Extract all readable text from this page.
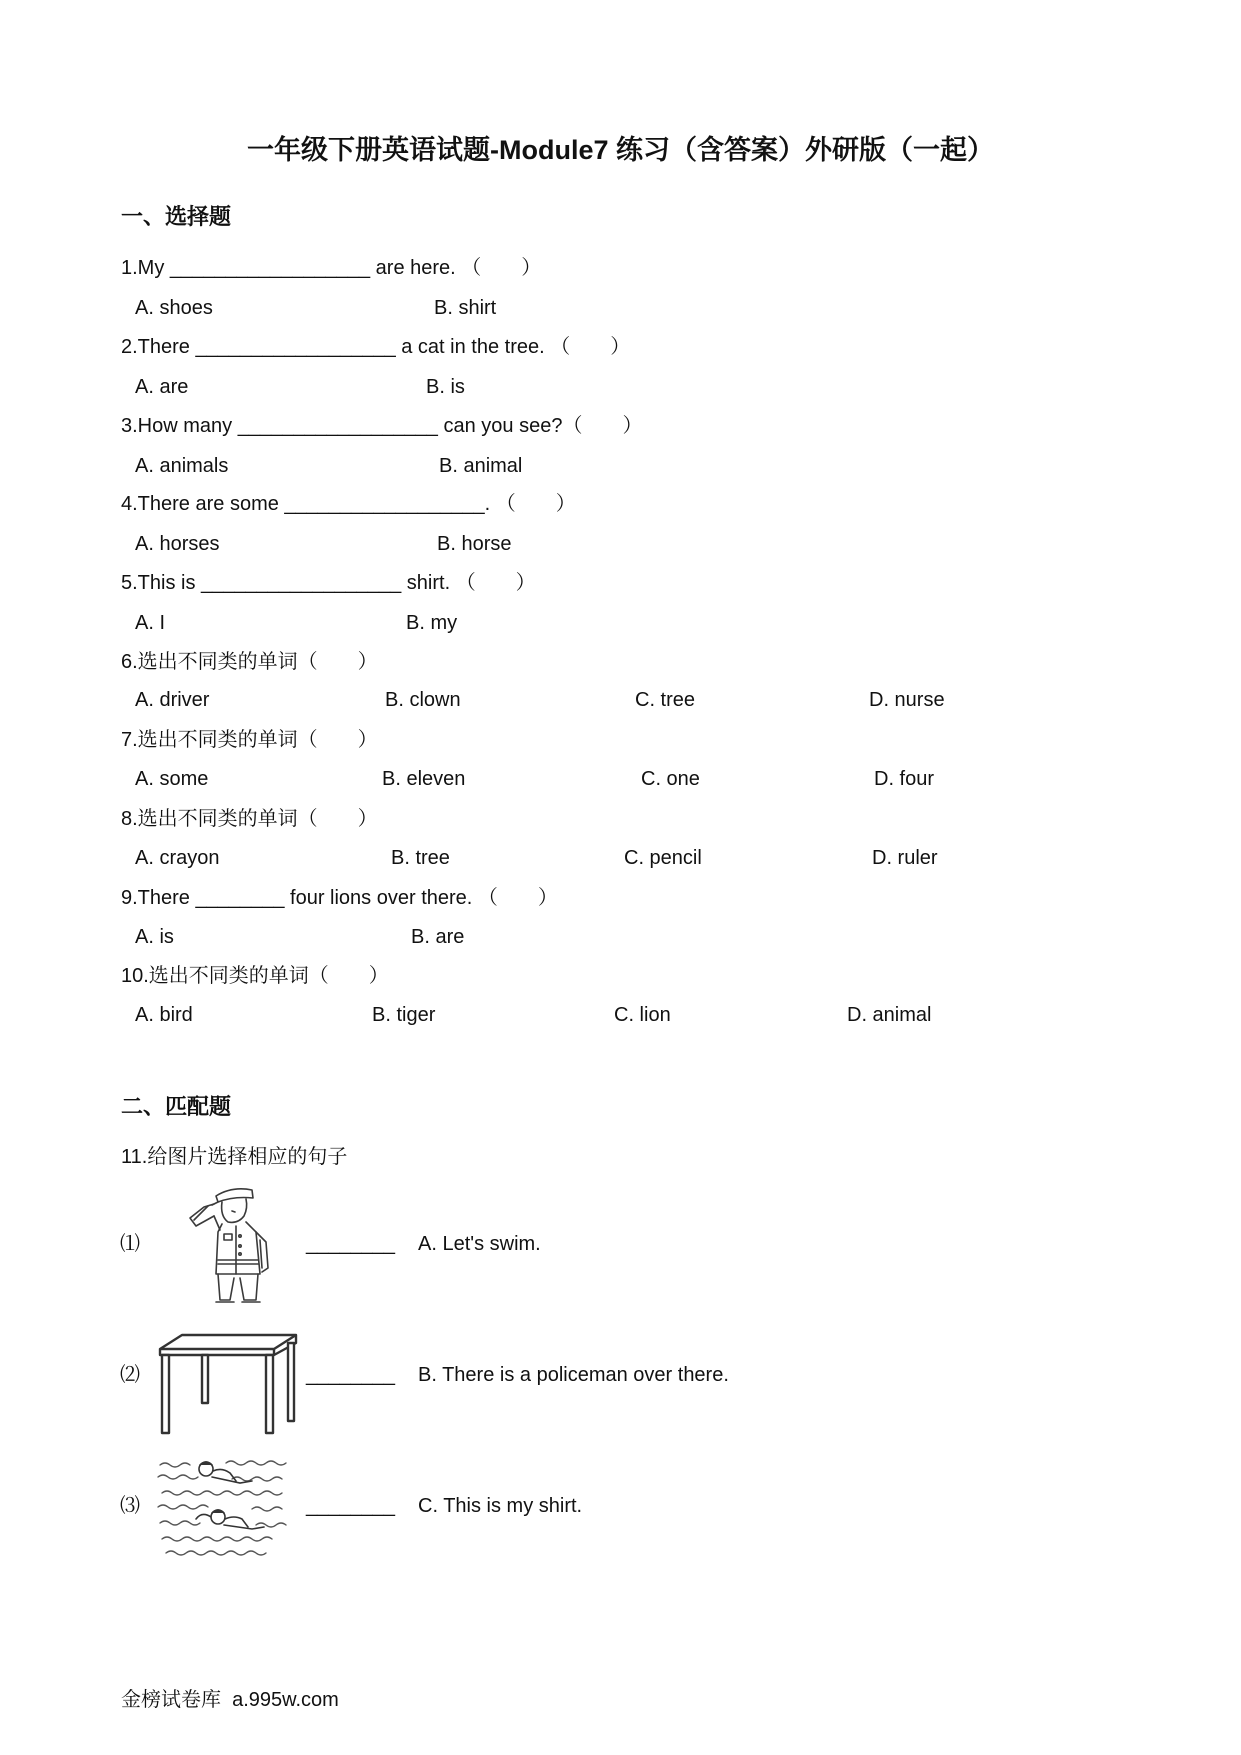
一年级下册英语试题-Module7 练习（含答案）外研版（一起）
一、选择题
1.My __________________ are here. （　　）
A. shoes	B. shirt
2.There __________________ a cat in the tree. （　　）
A. are	B. is
3.How many __________________ can you see?（　　）
A. animals	B. animal
4.There are some __________________. （　　）
A. horses	B. horse
5.This is __________________ shirt. （　　）
A. I	B. my
6.选出不同类的单词（　　）
A. driver	B. clown	C. tree	D. nurse
7.选出不同类的单词（　　）
A. some	B. eleven	C. one	D. four
8.选出不同类的单词（　　）
A. crayon	B. tree	C. pencil	D. ruler
9.There ________ four lions over there. （　　）
A. is	B. are
10.选出不同类的单词（　　）
A. bird	B. tiger	C. lion	D. animal
二、匹配题
11.给图片选择相应的句子
⑴	________ A. Let's swim.
⑵	________ B. There is a policeman over there.
⑶	________ C. This is my shirt.
金榜试卷库  a.995w.com
